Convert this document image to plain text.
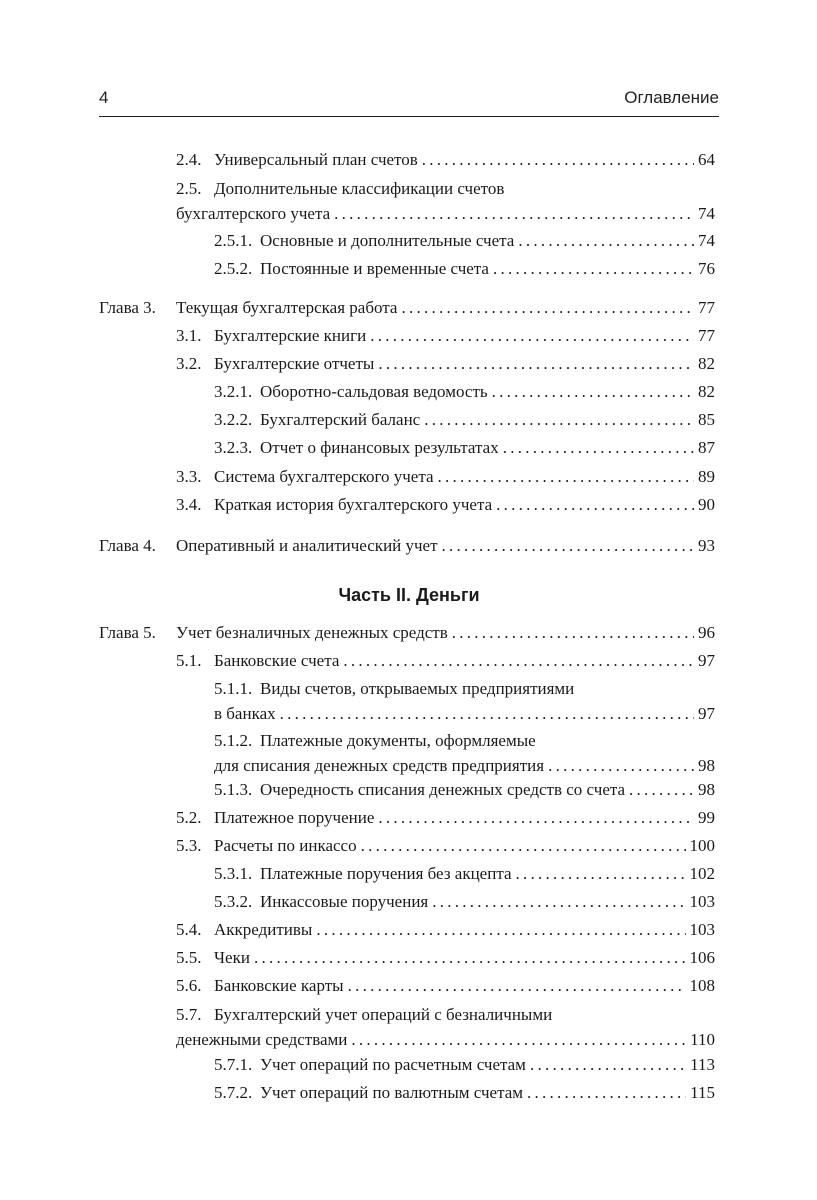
4	Оглавление
2.4. Универсальный план счетов . . .	64
2.5. Дополнительные классификации счетов
бухгалтерского учета . . .	74
2.5.1. Основные и дополнительные счета . . .	74
2.5.2. Постоянные и временные счета . . .	76
Глава 3.	Текущая бухгалтерская работа . . .	77
3.1. Бухгалтерские книги . . .	77
3.2. Бухгалтерские отчеты . . .	82
3.2.1. Оборотно-сальдовая ведомость . . .	82
3.2.2. Бухгалтерский баланс . . .	85
3.2.3. Отчет о финансовых результатах . . .	87
3.3. Система бухгалтерского учета . . .	89
3.4. Краткая история бухгалтерского учета . . .	90
Глава 4.	Оперативный и аналитический учет . . .	93
Часть II. Деньги
Глава 5.	Учет безналичных денежных средств . . .	96
5.1. Банковские счета . . .	97
5.1.1. Виды счетов, открываемых предприятиями
в банках . . .	97
5.1.2. Платежные документы, оформляемые
для списания денежных средств предприятия . . .	98
5.1.3. Очередность списания денежных средств со счета . . .	98
5.2. Платежное поручение . . .	99
5.3. Расчеты по инкассо . . .	100
5.3.1. Платежные поручения без акцепта . . .	102
5.3.2. Инкассовые поручения . . .	103
5.4. Аккредитивы . . .	103
5.5. Чеки . . .	106
5.6. Банковские карты . . .	108
5.7. Бухгалтерский учет операций с безналичными
денежными средствами . . .	110
5.7.1. Учет операций по расчетным счетам . . .	113
5.7.2. Учет операций по валютным счетам . . .	115
